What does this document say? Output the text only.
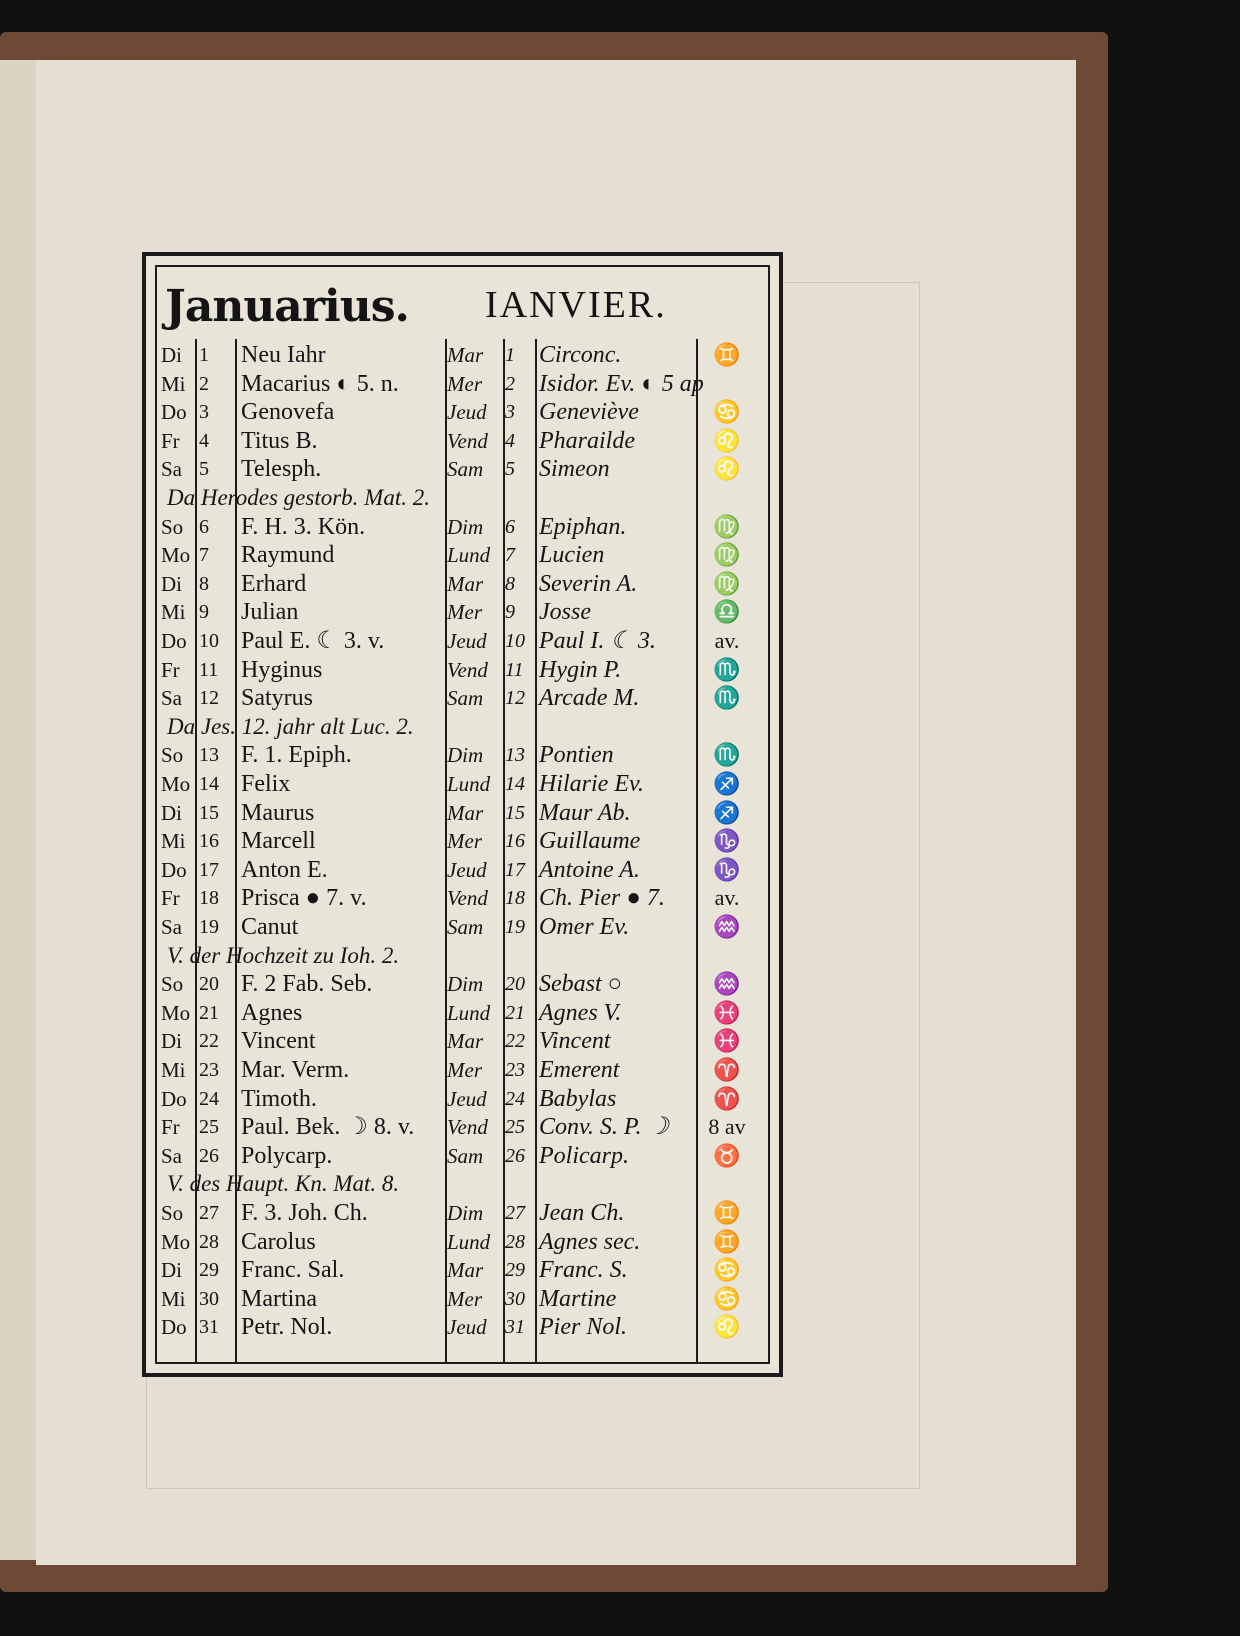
Januarius. IANVIER.
Di 1	Neu Iahr	Mar	1	Circonc.	♊
Mi 2	Macarius ◐ 5. n. Mer	2	Isidor. Ev. ◐ 5 ap
Do 3	Genovefa	Jeud 3	Geneviève	♋
Fr 4	Titus B.	Vend 4	Pharailde	♌
Sa 5	Telesph.	Sam	5	Simeon	♌
Da Herodes gestorb. Mat. 2.
So 6	F. H. 3. Kön.	Dim	6	Epiphan.	♍
Mo 7	Raymund	Lund 7	Lucien	♍
Di 8	Erhard	Mar	8	Severin A.	♍
Mi 9	Julian	Mer	9	Josse	♎
Do 10 Paul E. ☾ 3. v.	Jeud 10 Paul I. ☾ 3.	av.
Fr 11 Hyginus	Vend 11 Hygin P.	♏
Sa 12 Satyrus	Sam	12 Arcade M.	♏
Da Jes. 12. jahr alt Luc. 2.
So 13 F. 1. Epiph.	Dim	13 Pontien	♏
Mo 14 Felix	Lund 14 Hilarie Ev.	♐
Di 15 Maurus	Mar	15 Maur Ab.	♐
Mi 16 Marcell	Mer	16 Guillaume	♑
Do 17 Anton E.	Jeud 17 Antoine A.	♑
Fr 18 Prisca ● 7. v.	Vend 18 Ch. Pier ● 7.	av.
Sa 19 Canut	Sam	19 Omer Ev.	♒
V. der Hochzeit zu Ioh. 2.
So 20 F. 2 Fab. Seb.	Dim	20 Sebast ○	♒
Mo 21 Agnes	Lund 21 Agnes V.	♓
Di 22 Vincent	Mar	22 Vincent	♓
Mi 23 Mar. Verm.	Mer	23 Emerent	♈
Do 24 Timoth.	Jeud 24 Babylas	♈
Fr 25 Paul. Bek. ☽ 8. v. Vend 25 Conv. S. P. ☽	8 av
Sa 26 Polycarp.	Sam	26 Policarp.	♉
V. des Haupt. Kn. Mat. 8.
So 27 F. 3. Joh. Ch.	Dim	27 Jean Ch.	♊
Mo 28 Carolus	Lund 28 Agnes sec.	♊
Di 29 Franc. Sal.	Mar	29 Franc. S.	♋
Mi 30 Martina	Mer	30 Martine	♋
Do 31 Petr. Nol.	Jeud 31 Pier Nol.	♌
